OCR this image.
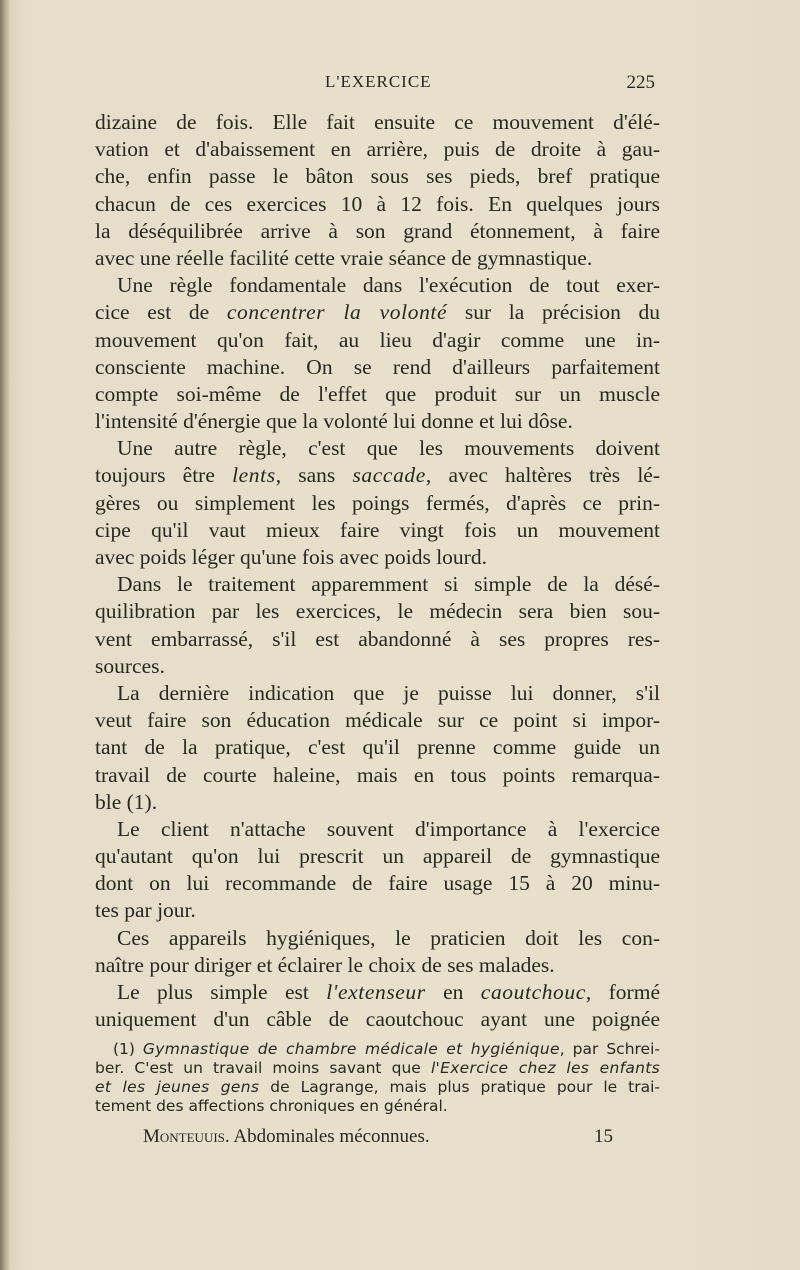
L'EXERCICE	225
dizaine de fois. Elle fait ensuite ce mouvement d'élé-
vation et d'abaissement en arrière, puis de droite à gau-
che, enfin passe le bâton sous ses pieds, bref pratique
chacun de ces exercices 10 à 12 fois. En quelques jours
la déséquilibrée arrive à son grand étonnement, à faire
avec une réelle facilité cette vraie séance de gymnastique.
Une règle fondamentale dans l'exécution de tout exer-
cice est de concentrer la volonté sur la précision du
mouvement qu'on fait, au lieu d'agir comme une in-
consciente machine. On se rend d'ailleurs parfaitement
compte soi-même de l'effet que produit sur un muscle
l'intensité d'énergie que la volonté lui donne et lui dôse.
Une autre règle, c'est que les mouvements doivent
toujours être lents, sans saccade, avec haltères très lé-
gères ou simplement les poings fermés, d'après ce prin-
cipe qu'il vaut mieux faire vingt fois un mouvement
avec poids léger qu'une fois avec poids lourd.
Dans le traitement apparemment si simple de la désé-
quilibration par les exercices, le médecin sera bien sou-
vent embarrassé, s'il est abandonné à ses propres res-
sources.
La dernière indication que je puisse lui donner, s'il
veut faire son éducation médicale sur ce point si impor-
tant de la pratique, c'est qu'il prenne comme guide un
travail de courte haleine, mais en tous points remarqua-
ble (1).
Le client n'attache souvent d'importance à l'exercice
qu'autant qu'on lui prescrit un appareil de gymnastique
dont on lui recommande de faire usage 15 à 20 minu-
tes par jour.
Ces appareils hygiéniques, le praticien doit les con-
naître pour diriger et éclairer le choix de ses malades.
Le plus simple est l'extenseur en caoutchouc, formé
uniquement d'un câble de caoutchouc ayant une poignée
(1) Gymnastique de chambre médicale et hygiénique, par Schrei-
ber. C'est un travail moins savant que l'Exercice chez les enfants
et les jeunes gens de Lagrange, mais plus pratique pour le trai-
tement des affections chroniques en général.
Monteuuis. Abdominales méconnues.	15
